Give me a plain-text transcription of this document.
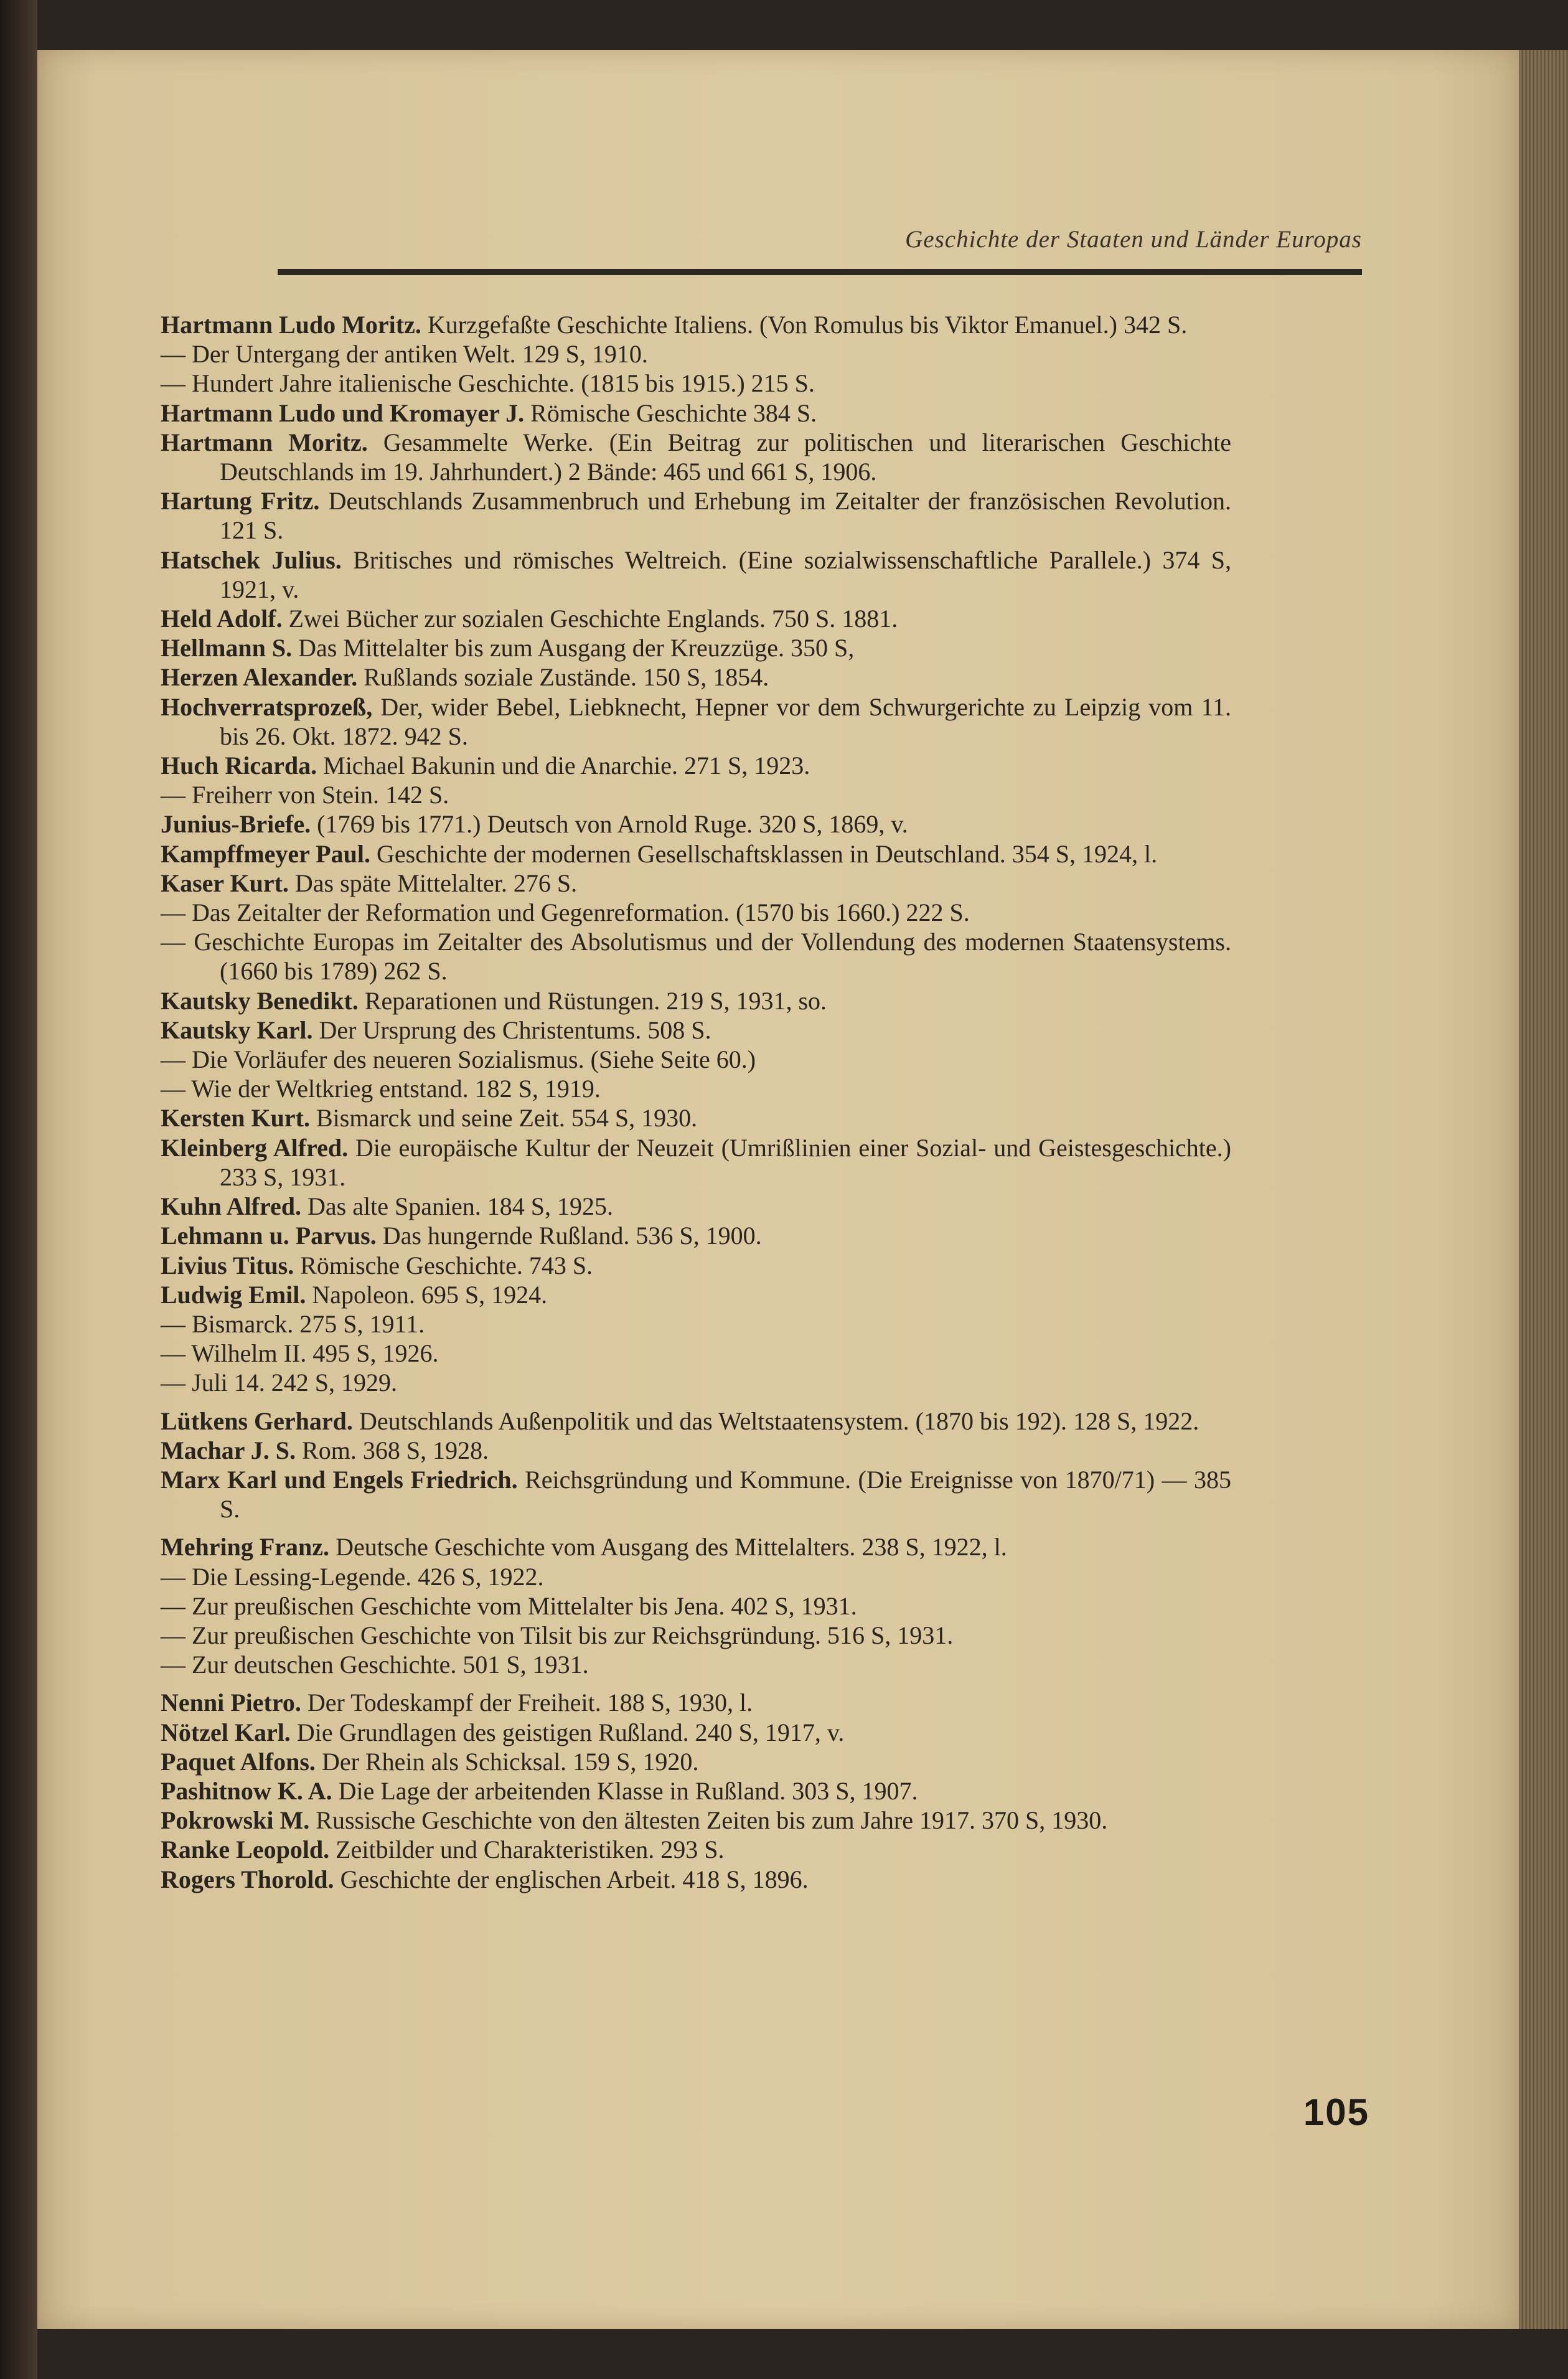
Geschichte der Staaten und Länder Europas
Hartmann Ludo Moritz. Kurzgefaßte Geschichte Italiens. (Von Romulus bis Viktor Emanuel.) 342 S.
— Der Untergang der antiken Welt. 129 S, 1910.
— Hundert Jahre italienische Geschichte. (1815 bis 1915.) 215 S.
Hartmann Ludo und Kromayer J. Römische Geschichte 384 S.
Hartmann Moritz. Gesammelte Werke. (Ein Beitrag zur politischen und literarischen Geschichte Deutschlands im 19. Jahrhundert.) 2 Bände: 465 und 661 S, 1906.
Hartung Fritz. Deutschlands Zusammenbruch und Erhebung im Zeitalter der französischen Revolution. 121 S.
Hatschek Julius. Britisches und römisches Weltreich. (Eine sozialwissenschaftliche Parallele.) 374 S, 1921, v.
Held Adolf. Zwei Bücher zur sozialen Geschichte Englands. 750 S. 1881.
Hellmann S. Das Mittelalter bis zum Ausgang der Kreuzzüge. 350 S,
Herzen Alexander. Rußlands soziale Zustände. 150 S, 1854.
Hochverratsprozeß, Der, wider Bebel, Liebknecht, Hepner vor dem Schwurgerichte zu Leipzig vom 11. bis 26. Okt. 1872. 942 S.
Huch Ricarda. Michael Bakunin und die Anarchie. 271 S, 1923.
— Freiherr von Stein. 142 S.
Junius-Briefe. (1769 bis 1771.) Deutsch von Arnold Ruge. 320 S, 1869, v.
Kampffmeyer Paul. Geschichte der modernen Gesellschaftsklassen in Deutschland. 354 S, 1924, l.
Kaser Kurt. Das späte Mittelalter. 276 S.
— Das Zeitalter der Reformation und Gegenreformation. (1570 bis 1660.) 222 S.
— Geschichte Europas im Zeitalter des Absolutismus und der Vollendung des modernen Staatensystems. (1660 bis 1789) 262 S.
Kautsky Benedikt. Reparationen und Rüstungen. 219 S, 1931, so.
Kautsky Karl. Der Ursprung des Christentums. 508 S.
— Die Vorläufer des neueren Sozialismus. (Siehe Seite 60.)
— Wie der Weltkrieg entstand. 182 S, 1919.
Kersten Kurt. Bismarck und seine Zeit. 554 S, 1930.
Kleinberg Alfred. Die europäische Kultur der Neuzeit (Umrißlinien einer Sozial- und Geistesgeschichte.) 233 S, 1931.
Kuhn Alfred. Das alte Spanien. 184 S, 1925.
Lehmann u. Parvus. Das hungernde Rußland. 536 S, 1900.
Livius Titus. Römische Geschichte. 743 S.
Ludwig Emil. Napoleon. 695 S, 1924.
— Bismarck. 275 S, 1911.
— Wilhelm II. 495 S, 1926.
— Juli 14. 242 S, 1929.
Lütkens Gerhard. Deutschlands Außenpolitik und das Weltstaatensystem. (1870 bis 192). 128 S, 1922.
Machar J. S. Rom. 368 S, 1928.
Marx Karl und Engels Friedrich. Reichsgründung und Kommune. (Die Ereignisse von 1870/71) — 385 S.
Mehring Franz. Deutsche Geschichte vom Ausgang des Mittelalters. 238 S, 1922, l.
— Die Lessing-Legende. 426 S, 1922.
— Zur preußischen Geschichte vom Mittelalter bis Jena. 402 S, 1931.
— Zur preußischen Geschichte von Tilsit bis zur Reichsgründung. 516 S, 1931.
— Zur deutschen Geschichte. 501 S, 1931.
Nenni Pietro. Der Todeskampf der Freiheit. 188 S, 1930, l.
Nötzel Karl. Die Grundlagen des geistigen Rußland. 240 S, 1917, v.
Paquet Alfons. Der Rhein als Schicksal. 159 S, 1920.
Pashitnow K. A. Die Lage der arbeitenden Klasse in Rußland. 303 S, 1907.
Pokrowski M. Russische Geschichte von den ältesten Zeiten bis zum Jahre 1917. 370 S, 1930.
Ranke Leopold. Zeitbilder und Charakteristiken. 293 S.
Rogers Thorold. Geschichte der englischen Arbeit. 418 S, 1896.
105
